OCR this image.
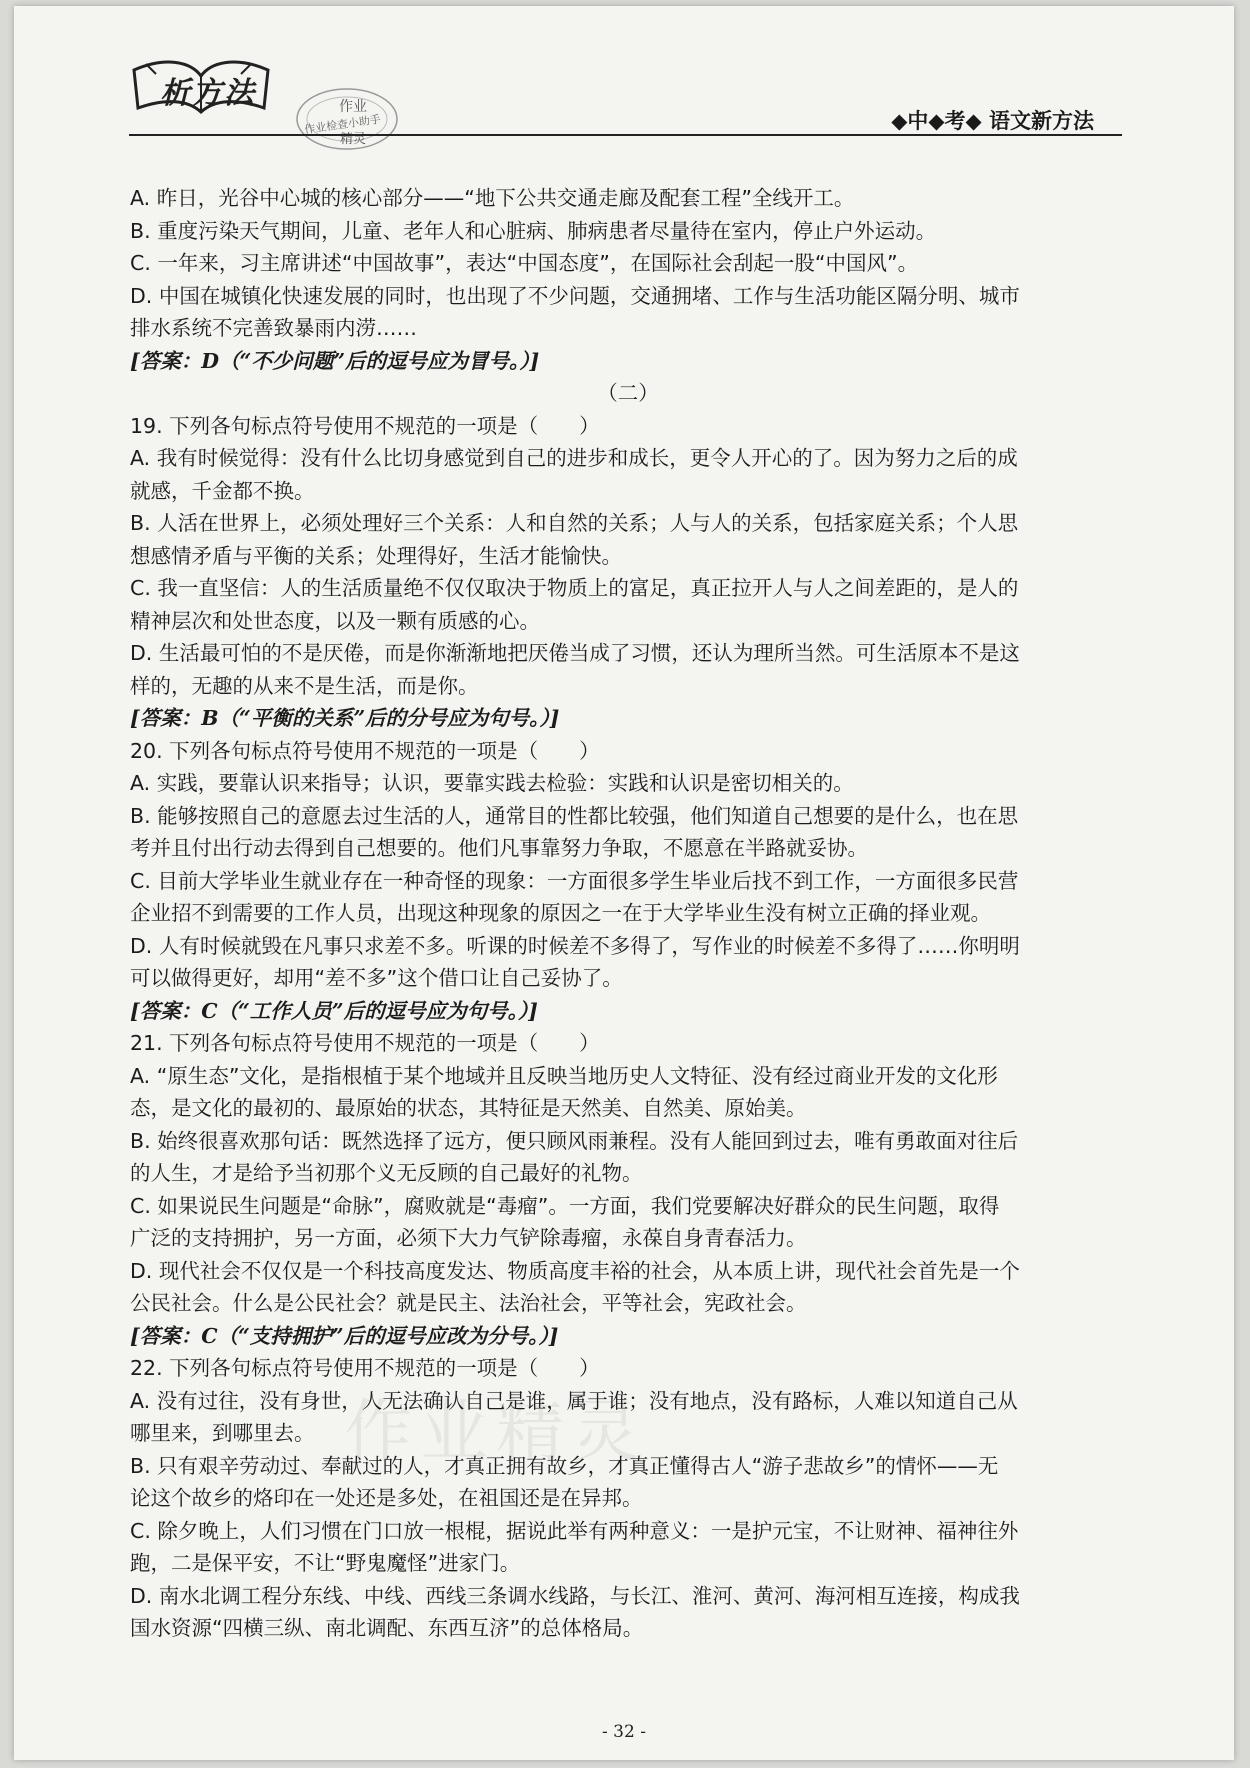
析方法	作业
作业检查小助手
精灵
◆中◆考◆ 语文新方法

A. 昨日，光谷中心城的核心部分——“地下公共交通走廊及配套工程”全线开工。

B. 重度污染天气期间，儿童、老年人和心脏病、肺病患者尽量待在室内，停止户外运动。

C. 一年来，习主席讲述“中国故事”，表达“中国态度”，在国际社会刮起一股“中国风”。

D. 中国在城镇化快速发展的同时，也出现了不少问题，交通拥堵、工作与生活功能区隔分明、城市

排水系统不完善致暴雨内涝……

[答案：D（“不少问题”后的逗号应为冒号。）]

（二）

19. 下列各句标点符号使用不规范的一项是（　　）

A. 我有时候觉得：没有什么比切身感觉到自己的进步和成长，更令人开心的了。因为努力之后的成

就感，千金都不换。

B. 人活在世界上，必须处理好三个关系：人和自然的关系；人与人的关系，包括家庭关系；个人思

想感情矛盾与平衡的关系；处理得好，生活才能愉快。

C. 我一直坚信：人的生活质量绝不仅仅取决于物质上的富足，真正拉开人与人之间差距的，是人的

精神层次和处世态度，以及一颗有质感的心。

D. 生活最可怕的不是厌倦，而是你渐渐地把厌倦当成了习惯，还认为理所当然。可生活原本不是这

样的，无趣的从来不是生活，而是你。

[答案：B（“平衡的关系”后的分号应为句号。）]

20. 下列各句标点符号使用不规范的一项是（　　）

A. 实践，要靠认识来指导；认识，要靠实践去检验：实践和认识是密切相关的。

B. 能够按照自己的意愿去过生活的人，通常目的性都比较强，他们知道自己想要的是什么，也在思

考并且付出行动去得到自己想要的。他们凡事靠努力争取，不愿意在半路就妥协。

C. 目前大学毕业生就业存在一种奇怪的现象：一方面很多学生毕业后找不到工作，一方面很多民营

企业招不到需要的工作人员，出现这种现象的原因之一在于大学毕业生没有树立正确的择业观。

D. 人有时候就毁在凡事只求差不多。听课的时候差不多得了，写作业的时候差不多得了……你明明

可以做得更好，却用“差不多”这个借口让自己妥协了。

[答案：C（“工作人员”后的逗号应为句号。）]

21. 下列各句标点符号使用不规范的一项是（　　）

A. “原生态”文化，是指根植于某个地域并且反映当地历史人文特征、没有经过商业开发的文化形

态，是文化的最初的、最原始的状态，其特征是天然美、自然美、原始美。

B. 始终很喜欢那句话：既然选择了远方，便只顾风雨兼程。没有人能回到过去，唯有勇敢面对往后

的人生，才是给予当初那个义无反顾的自己最好的礼物。

C. 如果说民生问题是“命脉”，腐败就是“毒瘤”。一方面，我们党要解决好群众的民生问题，取得

广泛的支持拥护，另一方面，必须下大力气铲除毒瘤，永葆自身青春活力。

D. 现代社会不仅仅是一个科技高度发达、物质高度丰裕的社会，从本质上讲，现代社会首先是一个

公民社会。什么是公民社会？就是民主、法治社会，平等社会，宪政社会。

[答案：C（“支持拥护”后的逗号应改为分号。）]

22. 下列各句标点符号使用不规范的一项是（　　）

A. 没有过往，没有身世，人无法确认自己是谁，属于谁；没有地点，没有路标，人难以知道自己从

哪里来，到哪里去。

B. 只有艰辛劳动过、奉献过的人，才真正拥有故乡，才真正懂得古人“游子悲故乡”的情怀——无

论这个故乡的烙印在一处还是多处，在祖国还是在异邦。

C. 除夕晚上，人们习惯在门口放一根棍，据说此举有两种意义：一是护元宝，不让财神、福神往外

跑，二是保平安，不让“野鬼魔怪”进家门。

D. 南水北调工程分东线、中线、西线三条调水线路，与长江、淮河、黄河、海河相互连接，构成我

国水资源“四横三纵、南北调配、东西互济”的总体格局。

作业精灵
- 32 -
